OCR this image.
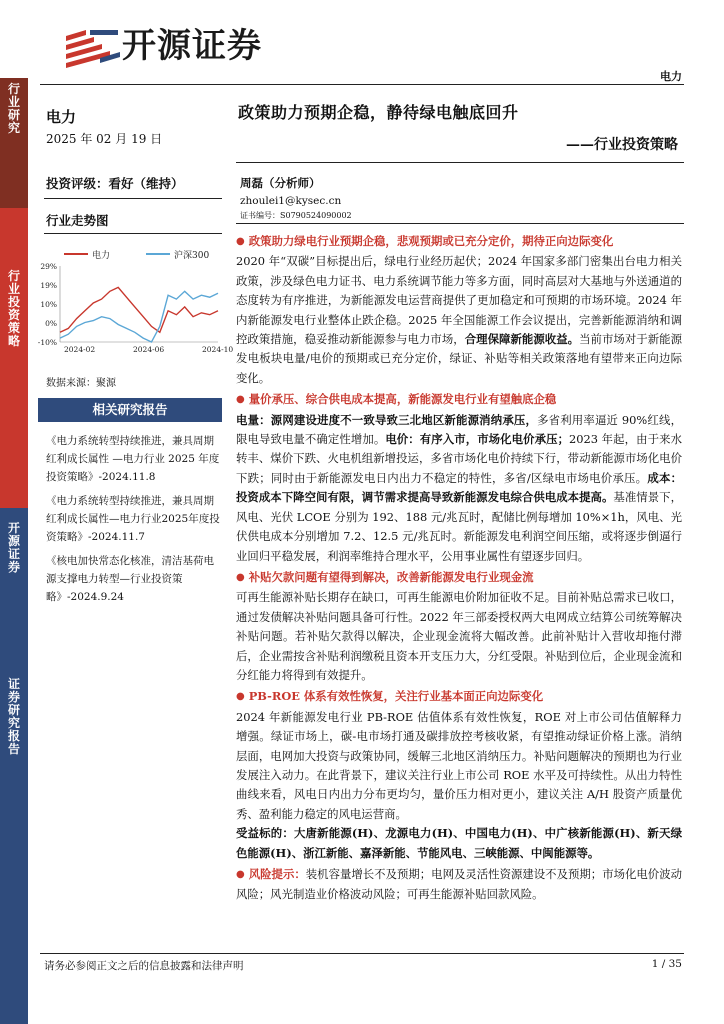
开源证券
电力
行业研究
行业投资策略
开源证券
证券研究报告
电力
2025 年 02 月 19 日
投资评级：看好（维持）
行业走势图
电力	沪深300
29%
19%
10%
0%
-10%
2024-02	2024-06	2024-10
数据来源：聚源
相关研究报告
《电力系统转型持续推进，兼具周期红利成长属性 —电力行业 2025 年度投资策略》-2024.11.8
《电力系统转型持续推进，兼具周期红利成长属性—电力行业2025年度投资策略》-2024.11.7
《核电加快常态化核准，清洁基荷电源支撑电力转型—行业投资策略》-2024.9.24
政策助力预期企稳，静待绿电触底回升
——行业投资策略
周磊（分析师）
zhoulei1@kysec.cn
证书编号：S0790524090002

● 政策助力绿电行业预期企稳，悲观预期或已充分定价，期待正向边际变化

2020 年“双碳”目标提出后，绿电行业经历起伏；2024 年国家多部门密集出台电力相关政策，涉及绿色电力证书、电力系统调节能力等多方面，同时高层对大基地与外送通道的态度转为有序推进，为新能源发电运营商提供了更加稳定和可预期的市场环境。2024 年内新能源发电行业整体止跌企稳。2025 年全国能源工作会议提出，完善新能源消纳和调控政策措施，稳妥推动新能源参与电力市场，合理保障新能源收益。当前市场对于新能源发电板块电量/电价的预期或已充分定价，绿证、补贴等相关政策落地有望带来正向边际变化。

● 量价承压、综合供电成本提高，新能源发电行业有望触底企稳

电量：源网建设进度不一致导致三北地区新能源消纳承压，多省利用率逼近 90%红线，限电导致电量不确定性增加。电价：有序入市，市场化电价承压；2023 年起，由于来水转丰、煤价下跌、火电机组新增投运，多省市场化电价持续下行，带动新能源市场化电价下跌；同时由于新能源发电日内出力不稳定的特性，多省/区绿电市场电价承压。成本：投资成本下降空间有限，调节需求提高导致新能源发电综合供电成本提高。基准情景下，风电、光伏 LCOE 分别为 192、188 元/兆瓦时，配储比例每增加 10%×1h，风电、光伏供电成本分别增加 7.2、12.5 元/兆瓦时。新能源发电利润空间压缩，或将逐步倒逼行业回归平稳发展，利润率维持合理水平，公用事业属性有望逐步回归。

● 补贴欠款问题有望得到解决，改善新能源发电行业现金流

可再生能源补贴长期存在缺口，可再生能源电价附加征收不足。目前补贴总需求已收口，通过发债解决补贴问题具备可行性。2022 年三部委授权两大电网成立结算公司统筹解决补贴问题。若补贴欠款得以解决，企业现金流将大幅改善。此前补贴计入营收却拖付滞后，企业需按含补贴利润缴税且资本开支压力大，分红受限。补贴到位后，企业现金流和分红能力将得到有效提升。

● PB-ROE 体系有效性恢复，关注行业基本面正向边际变化

2024 年新能源发电行业 PB-ROE 估值体系有效性恢复，ROE 对上市公司估值解释力增强。绿证市场上，碳-电市场打通及碳排放控考核收紧，有望推动绿证价格上涨。消纳层面，电网加大投资与政策协同，缓解三北地区消纳压力。补贴问题解决的预期也为行业发展注入动力。在此背景下，建议关注行业上市公司 ROE 水平及可持续性。从出力特性曲线来看，风电日内出力分布更均匀，量价压力相对更小，建议关注 A/H 股资产质量优秀、盈利能力稳定的风电运营商。

受益标的：大唐新能源(H)、龙源电力(H)、中国电力(H)、中广核新能源(H)、新天绿色能源(H)、浙江新能、嘉泽新能、节能风电、三峡能源、中闽能源等。

● 风险提示：装机容量增长不及预期；电网及灵活性资源建设不及预期；市场化电价波动风险；风光制造业价格波动风险；可再生能源补贴回款风险。

请务必参阅正文之后的信息披露和法律声明	1 / 35
